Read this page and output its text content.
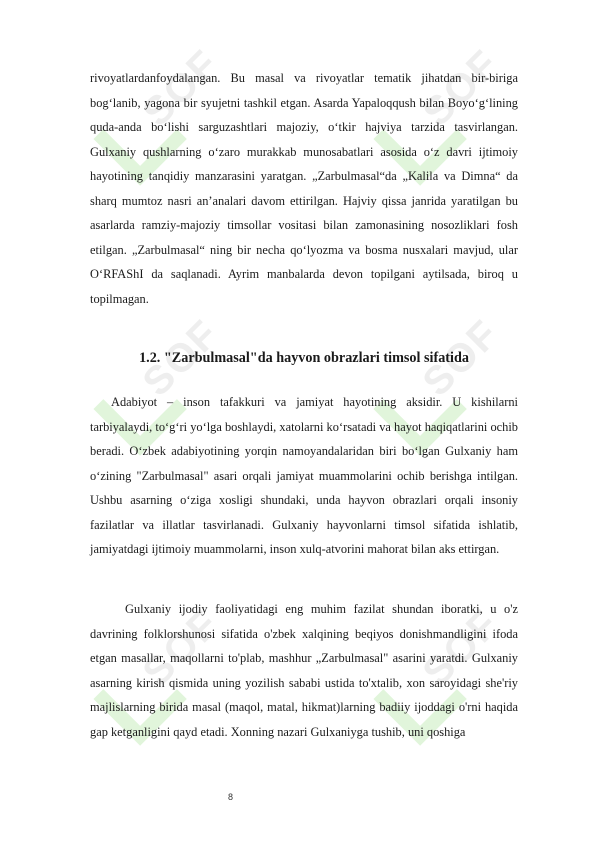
SOF	SOF
SOF	SOF
SOF	SOF

rivoyatlardanfoydalangan. Bu masal va rivoyatlar tematik jihatdan bir-biriga bog‘lanib, yagona bir syujetni tashkil etgan. Asarda Yapaloqqush bilan Boyo‘g‘lining quda-anda bo‘lishi sarguzashtlari majoziy, o‘tkir hajviya tarzida tasvirlangan. Gulxaniy qushlarning o‘zaro murakkab munosabatlari asosida o‘z davri ijtimoiy hayotining tanqidiy manzarasini yaratgan. „Zarbulmasal“da „Kalila va Dimna“ da sharq mumtoz nasri an’analari davom ettirilgan. Hajviy qissa janrida yaratilgan bu asarlarda ramziy-majoziy timsollar vositasi bilan zamonasining nosozliklari fosh etilgan. „Zarbulmasal“ ning bir necha qo‘lyozma va bosma nusxalari mavjud, ular O‘RFAShI da saqlanadi. Ayrim manbalarda devon topilgani aytilsada, biroq u topilmagan.

1.2. "Zarbulmasal"da hayvon obrazlari timsol sifatida

Adabiyot – inson tafakkuri va jamiyat hayotining aksidir. U kishilarni tarbiyalaydi, to‘g‘ri yo‘lga boshlaydi, xatolarni ko‘rsatadi va hayot haqiqatlarini ochib beradi. O‘zbek adabiyotining yorqin namoyandalaridan biri bo‘lgan Gulxaniy ham o‘zining "Zarbulmasal" asari orqali jamiyat muammolarini ochib berishga intilgan. Ushbu asarning o‘ziga xosligi shundaki, unda hayvon obrazlari orqali insoniy fazilatlar va illatlar tasvirlanadi. Gulxaniy hayvonlarni timsol sifatida ishlatib, jamiyatdagi ijtimoiy muammolarni, inson xulq-atvorini mahorat bilan aks ettirgan.

Gulxaniy ijodiy faoliyatidagi eng muhim fazilat shundan iboratki, u o'z davrining folklorshunosi sifatida o'zbek xalqining beqiyos donishmandligini ifoda etgan masallar, maqollarni to'plab, mashhur „Zarbulmasal" asarini yaratdi. Gulxaniy asarning kirish qismida uning yozilish sababi ustida to'xtalib, xon saroyidagi she'riy majlislarning birida masal (maqol, matal, hikmat)larning badiiy ijoddagi o'rni haqida gap ketganligini qayd etadi. Xonning nazari Gulxaniyga tushib, uni qoshiga

8
